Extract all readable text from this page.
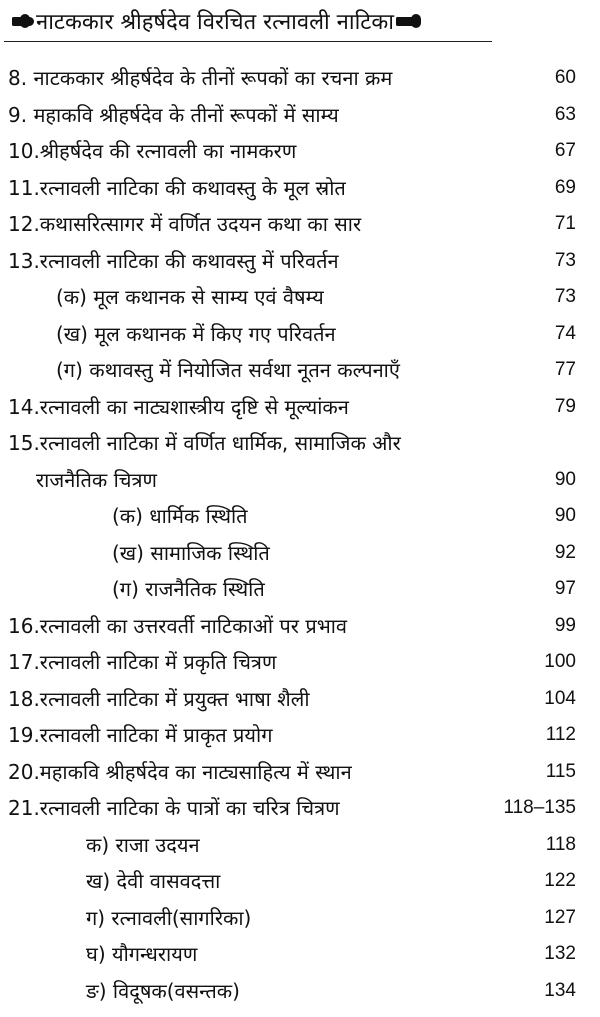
नाटककार श्रीहर्षदेव विरचित रत्नावली नाटिका
8. नाटककार श्रीहर्षदेव के तीनों रूपकों का रचना क्रम	60
9. महाकवि श्रीहर्षदेव के तीनों रूपकों में साम्य	63
10.श्रीहर्षदेव की रत्नावली का नामकरण	67
11.रत्नावली नाटिका की कथावस्तु के मूल स्रोत	69
12.कथासरित्सागर में वर्णित उदयन कथा का सार	71
13.रत्नावली नाटिका की कथावस्तु में परिवर्तन	73
(क) मूल कथानक से साम्य एवं वैषम्य	73
(ख) मूल कथानक में किए गए परिवर्तन	74
(ग) कथावस्तु में नियोजित सर्वथा नूतन कल्पनाएँ	77
14.रत्नावली का नाट्यशास्त्रीय दृष्टि से मूल्यांकन	79
15.रत्नावली नाटिका में वर्णित धार्मिक, सामाजिक और
राजनैतिक चित्रण	90
(क) धार्मिक स्थिति	90
(ख) सामाजिक स्थिति	92
(ग) राजनैतिक स्थिति	97
16.रत्नावली का उत्तरवर्ती नाटिकाओं पर प्रभाव	99
17.रत्नावली नाटिका में प्रकृति चित्रण	100
18.रत्नावली नाटिका में प्रयुक्त भाषा शैली	104
19.रत्नावली नाटिका में प्राकृत प्रयोग	112
20.महाकवि श्रीहर्षदेव का नाट्यसाहित्य में स्थान	115
21.रत्नावली नाटिका के पात्रों का चरित्र चित्रण	118–135
क) राजा उदयन	118
ख) देवी वासवदत्ता	122
ग) रत्नावली(सागरिका)	127
घ) यौगन्धरायण	132
ङ) विदूषक(वसन्तक)	134
